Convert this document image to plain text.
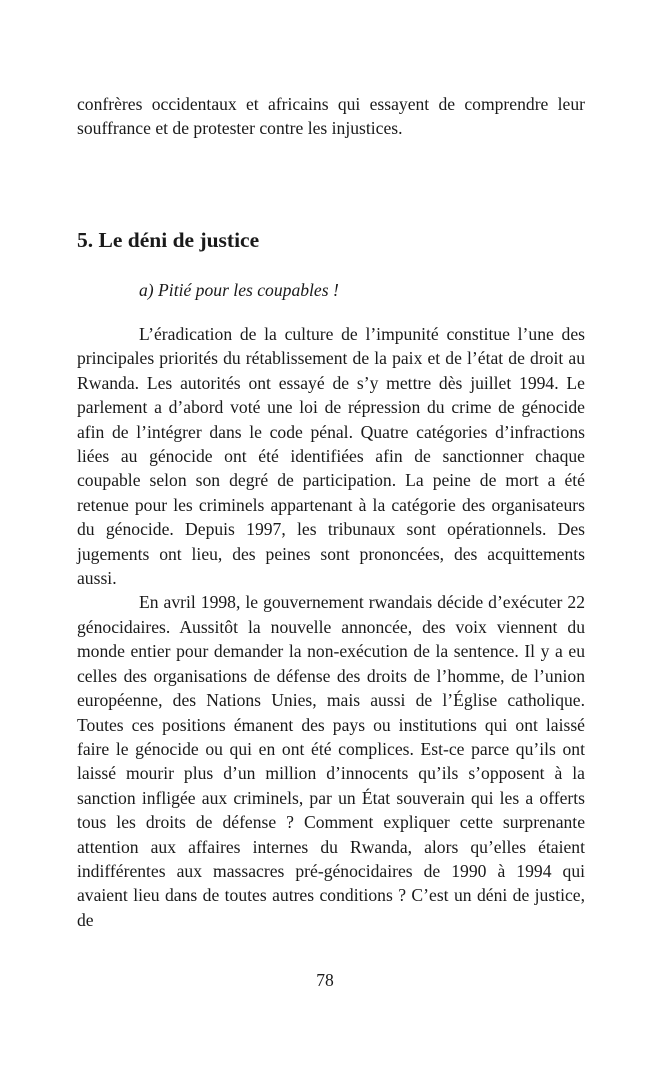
confrères occidentaux et africains qui essayent de comprendre leur souffrance et de protester contre les injustices.

5. Le déni de justice

a) Pitié pour les coupables !

L’éradication de la culture de l’impunité constitue l’une des principales priorités du rétablissement de la paix et de l’état de droit au Rwanda. Les autorités ont essayé de s’y mettre dès juillet 1994. Le parlement a d’abord voté une loi de répression du crime de génocide afin de l’intégrer dans le code pénal. Quatre catégories d’infractions liées au génocide ont été identifiées afin de sanctionner chaque coupable selon son degré de participation. La peine de mort a été retenue pour les criminels appartenant à la catégorie des organisateurs du génocide. Depuis 1997, les tribunaux sont opérationnels. Des jugements ont lieu, des peines sont prononcées, des acquittements aussi.

En avril 1998, le gouvernement rwandais décide d’exécuter 22 génocidaires. Aussitôt la nouvelle annoncée, des voix viennent du monde entier pour demander la non-exécution de la sentence. Il y a eu celles des organisations de défense des droits de l’homme, de l’union européenne, des Nations Unies, mais aussi de l’Église catholique. Toutes ces positions émanent des pays ou institutions qui ont laissé faire le génocide ou qui en ont été complices. Est-ce parce qu’ils ont laissé mourir plus d’un million d’innocents qu’ils s’opposent à la sanction infligée aux criminels, par un État souverain qui les a offerts tous les droits de défense ? Comment expliquer cette surprenante attention aux affaires internes du Rwanda, alors qu’elles étaient indifférentes aux massacres pré-génocidaires de 1990 à 1994 qui avaient lieu dans de toutes autres conditions ? C’est un déni de justice, de

78
